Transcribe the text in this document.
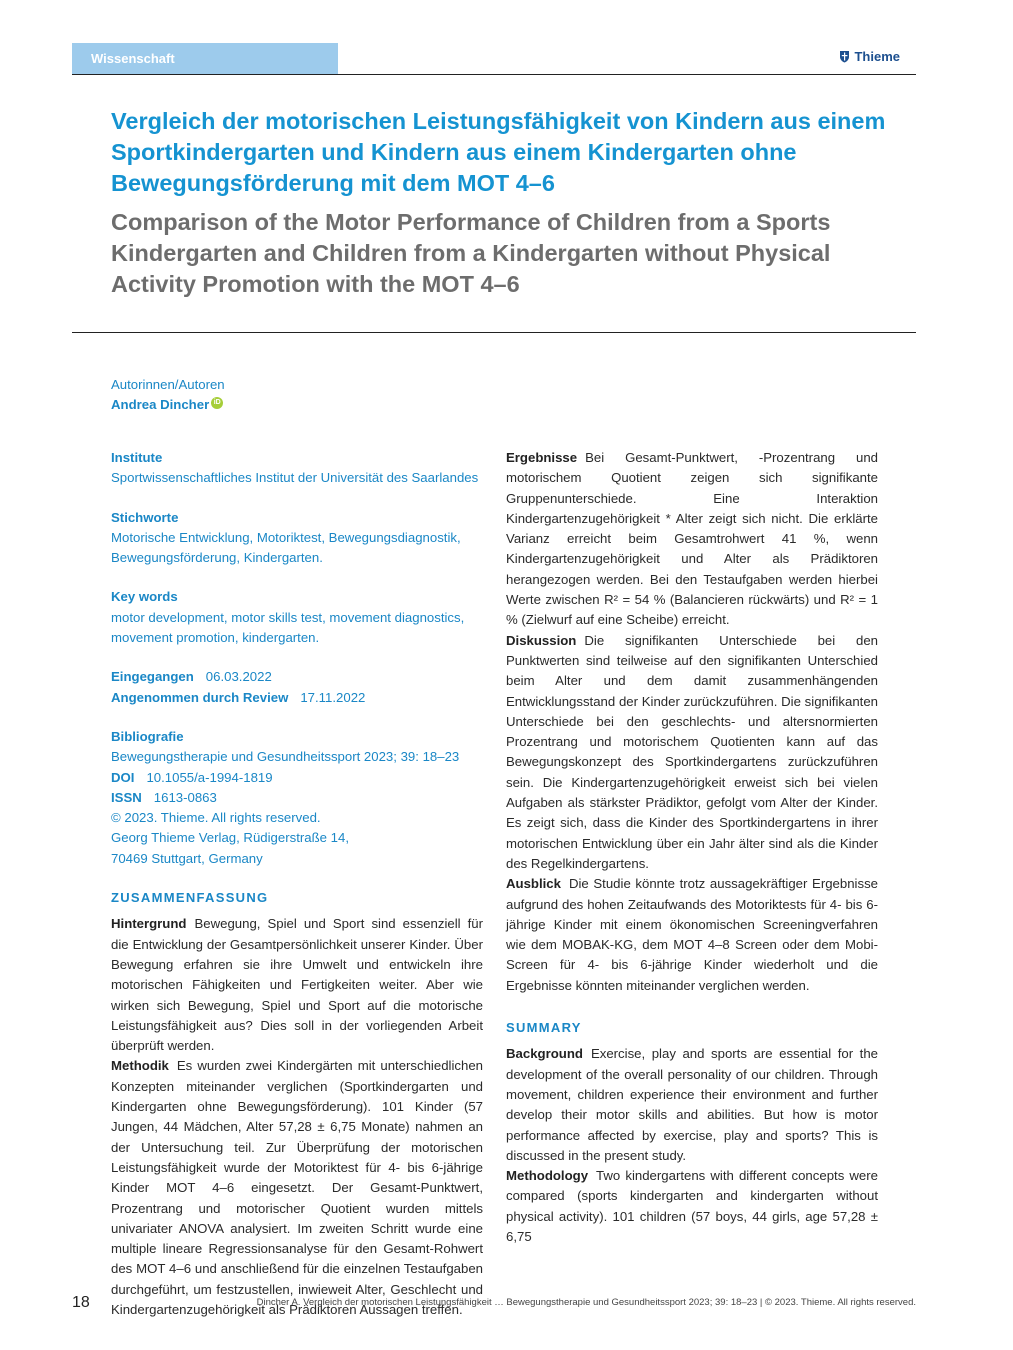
Wissenschaft	Thieme
Vergleich der motorischen Leistungsfähigkeit von Kindern aus einem Sportkindergarten und Kindern aus einem Kindergarten ohne Bewegungsförderung mit dem MOT 4–6
Comparison of the Motor Performance of Children from a Sports Kindergarten and Children from a Kindergarten without Physical Activity Promotion with the MOT 4–6
Autorinnen/Autoren
Andrea Dincher iD

Institute

Sportwissenschaftliches Institut der Universität des Saarlandes

Stichworte

Motorische Entwicklung, Motoriktest, Bewegungsdiagnostik, Bewegungsförderung, Kindergarten.

Key words

motor development, motor skills test, movement diagnostics, movement promotion, kindergarten.

Eingegangen 06.03.2022

Angenommen durch Review 17.11.2022

Bibliografie

Bewegungstherapie und Gesundheitssport 2023; 39: 18–23

DOI 10.1055/a-1994-1819

ISSN 1613-0863

© 2023. Thieme. All rights reserved.

Georg Thieme Verlag, Rüdigerstraße 14,

70469 Stuttgart, Germany

ZUSAMMENFASSUNG

Hintergrund Bewegung, Spiel und Sport sind essenziell für die Entwicklung der Gesamtpersönlichkeit unserer Kinder. Über Bewegung erfahren sie ihre Umwelt und entwickeln ihre motorischen Fähigkeiten und Fertigkeiten weiter. Aber wie wirken sich Bewegung, Spiel und Sport auf die motorische Leistungsfähigkeit aus? Dies soll in der vorliegenden Arbeit überprüft werden.

Methodik Es wurden zwei Kindergärten mit unterschiedlichen Konzepten miteinander verglichen (Sportkindergarten und Kindergarten ohne Bewegungsförderung). 101 Kinder (57 Jungen, 44 Mädchen, Alter 57,28 ± 6,75 Monate) nahmen an der Untersuchung teil. Zur Überprüfung der motorischen Leistungsfähigkeit wurde der Motoriktest für 4- bis 6-jährige Kinder MOT 4–6 eingesetzt. Der Gesamt-Punktwert, Prozentrang und motorischer Quotient wurden mittels univariater ANOVA analysiert. Im zweiten Schritt wurde eine multiple lineare Regressionsanalyse für den Gesamt-Rohwert des MOT 4–6 und anschließend für die einzelnen Testaufgaben durchgeführt, um festzustellen, inwieweit Alter, Geschlecht und Kindergartenzugehörigkeit als Prädiktoren Aussagen treffen.

Ergebnisse Bei Gesamt-Punktwert, -Prozentrang und motorischem Quotient zeigen sich signifikante Gruppenunterschiede. Eine Interaktion Kindergartenzugehörigkeit * Alter zeigt sich nicht. Die erklärte Varianz erreicht beim Gesamtrohwert 41 %, wenn Kindergartenzugehörigkeit und Alter als Prädiktoren herangezogen werden. Bei den Testaufgaben werden hierbei Werte zwischen R² = 54 % (Balancieren rückwärts) und R² = 1 % (Zielwurf auf eine Scheibe) erreicht.

Diskussion Die signifikanten Unterschiede bei den Punktwerten sind teilweise auf den signifikanten Unterschied beim Alter und dem damit zusammenhängenden Entwicklungsstand der Kinder zurückzuführen. Die signifikanten Unterschiede bei den geschlechts- und altersnormierten Prozentrang und motorischem Quotienten kann auf das Bewegungskonzept des Sportkindergartens zurückzuführen sein. Die Kindergartenzugehörigkeit erweist sich bei vielen Aufgaben als stärkster Prädiktor, gefolgt vom Alter der Kinder. Es zeigt sich, dass die Kinder des Sportkindergartens in ihrer motorischen Entwicklung über ein Jahr älter sind als die Kinder des Regelkindergartens.

Ausblick Die Studie könnte trotz aussagekräftiger Ergebnisse aufgrund des hohen Zeitaufwands des Motoriktests für 4- bis 6-jährige Kinder mit einem ökonomischen Screeningverfahren wie dem MOBAK-KG, dem MOT 4–8 Screen oder dem Mobi-Screen für 4- bis 6-jährige Kinder wiederholt und die Ergebnisse könnten miteinander verglichen werden.

SUMMARY

Background Exercise, play and sports are essential for the development of the overall personality of our children. Through movement, children experience their environment and further develop their motor skills and abilities. But how is motor performance affected by exercise, play and sports? This is discussed in the present study.

Methodology Two kindergartens with different concepts were compared (sports kindergarten and kindergarten without physical activity). 101 children (57 boys, 44 girls, age 57,28 ± 6,75

18	Dincher A. Vergleich der motorischen Leistungsfähigkeit … Bewegungstherapie und Gesundheitssport 2023; 39: 18–23 | © 2023. Thieme. All rights reserved.
